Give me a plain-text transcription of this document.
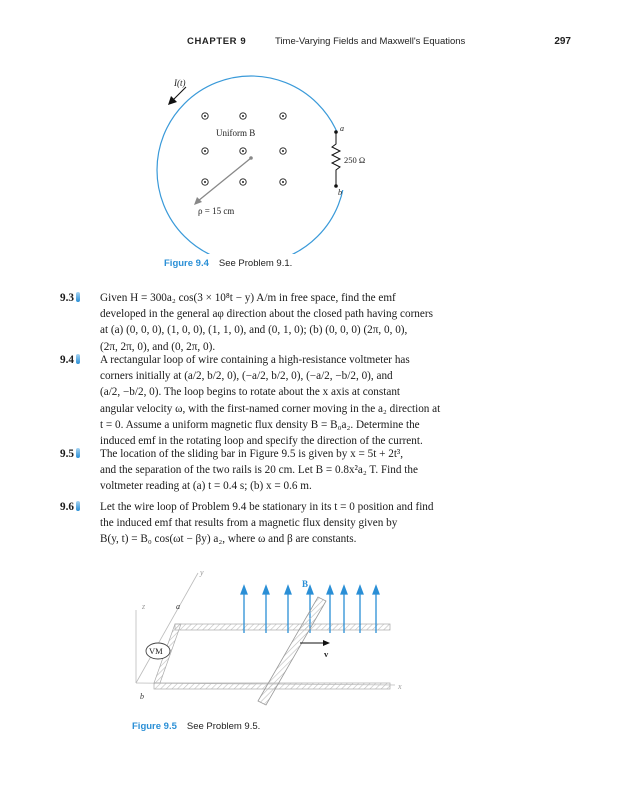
CHAPTER 9	Time-Varying Fields and Maxwell's Equations	297
I(t)
Uniform B
ρ = 15 cm
a
b
250 Ω
Figure 9.4 See Problem 9.1.
9.3	Given H = 300a₂ cos(3 × 10⁸t − y) A/m in free space, find the emf
developed in the general aφ direction about the closed path having corners
at (a) (0, 0, 0), (1, 0, 0), (1, 1, 0), and (0, 1, 0); (b) (0, 0, 0) (2π, 0, 0),
(2π, 2π, 0), and (0, 2π, 0).
9.4	A rectangular loop of wire containing a high-resistance voltmeter has
corners initially at (a/2, b/2, 0), (−a/2, b/2, 0), (−a/2, −b/2, 0), and
(a/2, −b/2, 0). The loop begins to rotate about the x axis at constant
angular velocity ω, with the first-named corner moving in the a₂ direction at
t = 0. Assume a uniform magnetic flux density B = B₀a₂. Determine the
induced emf in the rotating loop and specify the direction of the current.
9.5	The location of the sliding bar in Figure 9.5 is given by x = 5t + 2t³,
and the separation of the two rails is 20 cm. Let B = 0.8x²a₂ T. Find the
voltmeter reading at (a) t = 0.4 s; (b) x = 0.6 m.
9.6	Let the wire loop of Problem 9.4 be stationary in its t = 0 position and find
the induced emf that results from a magnetic flux density given by
B(y, t) = B₀ cos(ωt − βy) a₂, where ω and β are constants.
z
y
x
a
b
VM
B
v
Figure 9.5 See Problem 9.5.
